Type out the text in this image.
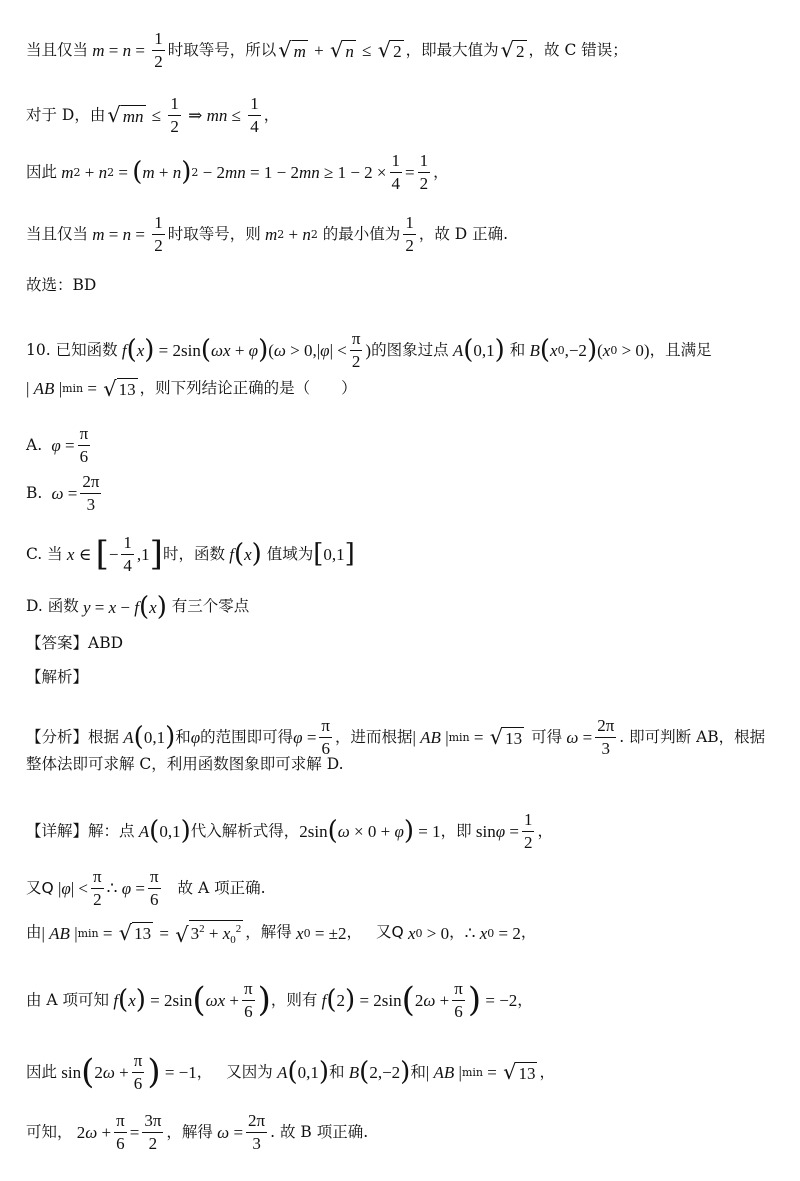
当且仅当 $m = n = \frac{1}{2}$ 时取等号，所以 √ m + √ n ≤ √ 2 ，即最大值为 √ 2 ，故 C 错误；
对于 D，由 √ mn ≤ $\frac{1}{2}$ ⇒ mn ≤ $\frac{1}{4}$ ，
因此 m 2 + n 2 = ( m + n ) 2 − 2 mn = 1 − 2 mn ≥ $1 - 2 \times \frac{1}{4} = \frac{1}{2}$ ，
当且仅当 $m = n = \frac{1}{2}$ 时取等号，则 m 2 + n 2 的最小值为 $\frac{1}{2}$ ，故 D 正确.
故选：BD
10. 已知函数 f ( x ) = 2sin ( ωx + φ ) ( ω > 0, | φ | < $\frac{\pi}{2}$ ) 的图象过点 A ( 0,1 ) 和 B ( x 0 ,−2 ) ( x 0 > 0) ，且满足
| AB | min = √ 13 ，则下列结论正确的是（　　）
A. $\varphi = \frac{\pi}{6}$
B. $\omega = \frac{2\pi}{3}$
C. 当 x ∈ [ − $\frac{1}{4} ,1$ ] 时，函数 f ( x ) 值域为 [ 0,1 ]
D. 函数 y = x − f ( x ) 有三个零点
【答案】ABD
【解析】
【分析】根据 A ( 0,1 ) 和 φ 的范围即可得 $\varphi = \frac{\pi}{6}$ ，进而根据 | AB | min = √ 13 可得 $\omega = \frac{2\pi}{3}$ . 即可判断 AB，根据
整体法即可求解 C，利用函数图象即可求解 D.
【详解】解：点 A ( 0,1 ) 代入解析式得， 2sin ( ω × 0 + φ ) = 1 ，即 $\sin \varphi = \frac{1}{2}$ ，
又 Q | φ | < $\frac{\pi}{2}$ ∴ $\varphi = \frac{\pi}{6}$ 故 A 项正确.
由 | AB | min = √ 13 = √ $3^2 + x_0^2$ ，解得 x 0 = ±2 ， 又 Q x 0 > 0 ， ∴ x 0 = 2 ，
由 A 项可知 f ( x ) = 2sin ( $\omega x + \frac{\pi}{6}$ ) ，则有 f ( 2 ) = 2sin ( 2 $\omega + \frac{\pi}{6}$ ) = −2 ，
因此 sin ( 2 $\omega + \frac{\pi}{6}$ ) = −1 ， 又因为 A ( 0,1 ) 和 B ( 2,−2 ) 和 | AB | min = √ 13 ，
可知， 2 $\omega + \frac{\pi}{6} = \frac{3\pi}{2}$ ，解得 $\omega = \frac{2\pi}{3}$ . 故 B 项正确.
